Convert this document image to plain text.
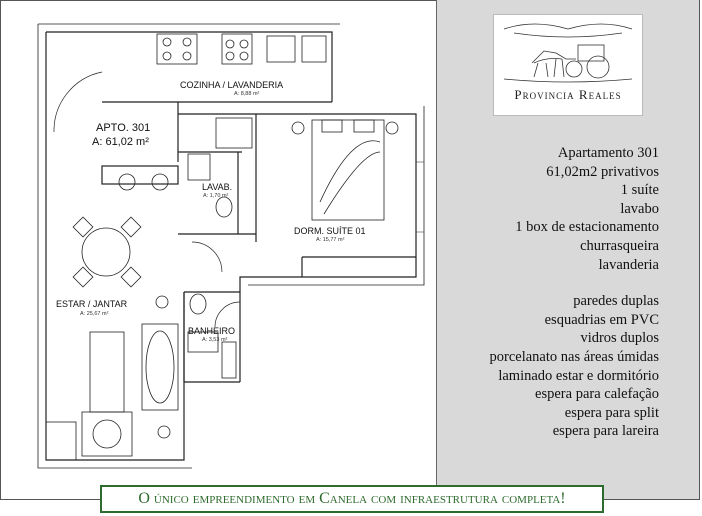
COZINHA / LAVANDERIA
A: 8,88 m²
APTO. 301
A: 61,02 m²
LAVAB.
A: 1,70 m²
DORM. SUÍTE 01
A: 15,77 m²
ESTAR / JANTAR
A: 25,67 m²
BANHEIRO
A: 3,53 m²
Provincia Reales
Apartamento 301
61,02m2 privativos
1 suíte
lavabo
1 box de estacionamento
churrasqueira
lavanderia
paredes duplas
esquadrias em PVC
vidros duplos
porcelanato nas áreas úmidas
laminado estar e dormitório
espera para calefação
espera para split
espera para lareira
O único empreendimento em Canela com infraestrutura completa!
